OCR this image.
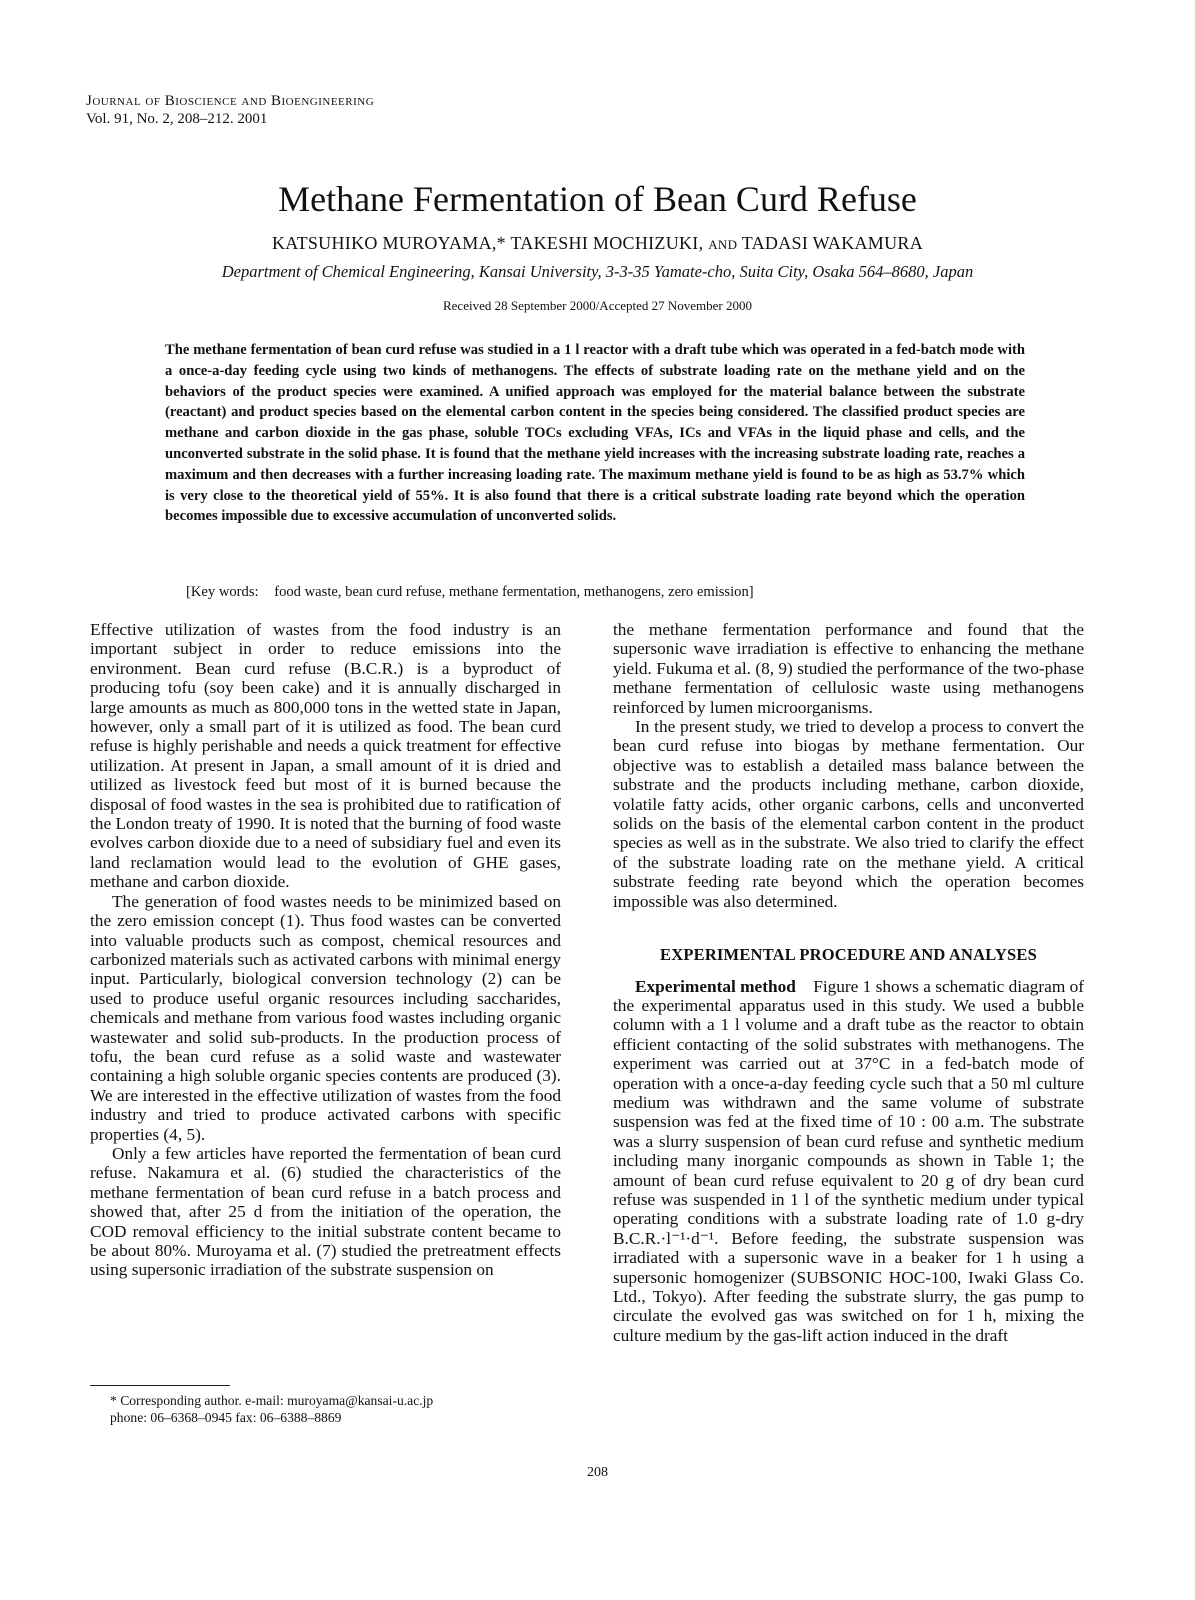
Journal of Bioscience and Bioengineering
Vol. 91, No. 2, 208–212. 2001
Methane Fermentation of Bean Curd Refuse
KATSUHIKO MUROYAMA,* TAKESHI MOCHIZUKI, AND TADASI WAKAMURA
Department of Chemical Engineering, Kansai University, 3-3-35 Yamate-cho, Suita City, Osaka 564–8680, Japan
Received 28 September 2000/Accepted 27 November 2000
The methane fermentation of bean curd refuse was studied in a 1 l reactor with a draft tube which was operated in a fed-batch mode with a once-a-day feeding cycle using two kinds of methanogens. The effects of substrate loading rate on the methane yield and on the behaviors of the product species were examined. A unified approach was employed for the material balance between the substrate (reactant) and product species based on the elemental carbon content in the species being considered. The classified product species are methane and carbon dioxide in the gas phase, soluble TOCs excluding VFAs, ICs and VFAs in the liquid phase and cells, and the unconverted substrate in the solid phase. It is found that the methane yield increases with the increasing substrate loading rate, reaches a maximum and then decreases with a further increasing loading rate. The maximum methane yield is found to be as high as 53.7% which is very close to the theoretical yield of 55%. It is also found that there is a critical substrate loading rate beyond which the operation becomes impossible due to excessive accumulation of unconverted solids.
[Key words: food waste, bean curd refuse, methane fermentation, methanogens, zero emission]

Effective utilization of wastes from the food industry is an important subject in order to reduce emissions into the environment. Bean curd refuse (B.C.R.) is a byproduct of producing tofu (soy been cake) and it is annually discharged in large amounts as much as 800,000 tons in the wetted state in Japan, however, only a small part of it is utilized as food. The bean curd refuse is highly perishable and needs a quick treatment for effective utilization. At present in Japan, a small amount of it is dried and utilized as livestock feed but most of it is burned because the disposal of food wastes in the sea is prohibited due to ratification of the London treaty of 1990. It is noted that the burning of food waste evolves carbon dioxide due to a need of subsidiary fuel and even its land reclamation would lead to the evolution of GHE gases, methane and carbon dioxide.

The generation of food wastes needs to be minimized based on the zero emission concept (1). Thus food wastes can be converted into valuable products such as compost, chemical resources and carbonized materials such as activated carbons with minimal energy input. Particularly, biological conversion technology (2) can be used to produce useful organic resources including saccharides, chemicals and methane from various food wastes including organic wastewater and solid sub-products. In the production process of tofu, the bean curd refuse as a solid waste and wastewater containing a high soluble organic species contents are produced (3). We are interested in the effective utilization of wastes from the food industry and tried to produce activated carbons with specific properties (4, 5).

Only a few articles have reported the fermentation of bean curd refuse. Nakamura et al. (6) studied the characteristics of the methane fermentation of bean curd refuse in a batch process and showed that, after 25 d from the initiation of the operation, the COD removal efficiency to the initial substrate content became to be about 80%. Muroyama et al. (7) studied the pretreatment effects using supersonic irradiation of the substrate suspension on

the methane fermentation performance and found that the supersonic wave irradiation is effective to enhancing the methane yield. Fukuma et al. (8, 9) studied the performance of the two-phase methane fermentation of cellulosic waste using methanogens reinforced by lumen microorganisms.

In the present study, we tried to develop a process to convert the bean curd refuse into biogas by methane fermentation. Our objective was to establish a detailed mass balance between the substrate and the products including methane, carbon dioxide, volatile fatty acids, other organic carbons, cells and unconverted solids on the basis of the elemental carbon content in the product species as well as in the substrate. We also tried to clarify the effect of the substrate loading rate on the methane yield. A critical substrate feeding rate beyond which the operation becomes impossible was also determined.

EXPERIMENTAL PROCEDURE AND ANALYSES

Experimental method Figure 1 shows a schematic diagram of the experimental apparatus used in this study. We used a bubble column with a 1 l volume and a draft tube as the reactor to obtain efficient contacting of the solid substrates with methanogens. The experiment was carried out at 37°C in a fed-batch mode of operation with a once-a-day feeding cycle such that a 50 ml culture medium was withdrawn and the same volume of substrate suspension was fed at the fixed time of 10 : 00 a.m. The substrate was a slurry suspension of bean curd refuse and synthetic medium including many inorganic compounds as shown in Table 1; the amount of bean curd refuse equivalent to 20 g of dry bean curd refuse was suspended in 1 l of the synthetic medium under typical operating conditions with a substrate loading rate of 1.0 g-dry B.C.R.·l⁻¹·d⁻¹. Before feeding, the substrate suspension was irradiated with a supersonic wave in a beaker for 1 h using a supersonic homogenizer (SUBSONIC HOC-100, Iwaki Glass Co. Ltd., Tokyo). After feeding the substrate slurry, the gas pump to circulate the evolved gas was switched on for 1 h, mixing the culture medium by the gas-lift action induced in the draft

* Corresponding author. e-mail: muroyama@kansai-u.ac.jp
phone: 06–6368–0945 fax: 06–6388–8869
208
